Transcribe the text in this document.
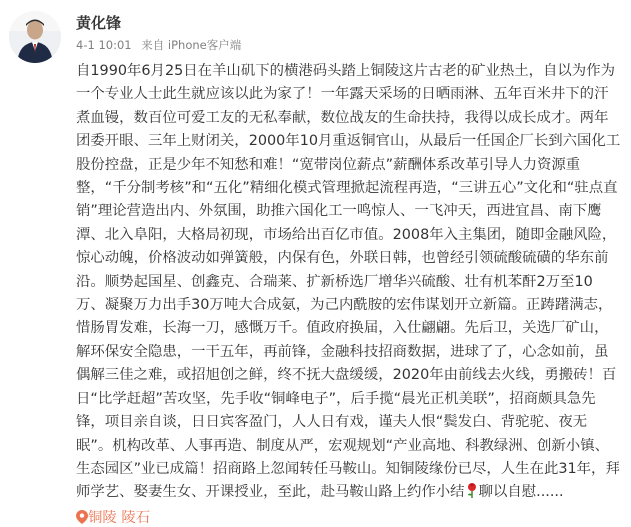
黄化锋
4-1 10:01 来自 iPhone客户端
自1990年6月25日在羊山矶下的横港码头踏上铜陵这片古老的矿业热土，自以为作为一个专业人士此生就应该以此为家了！一年露天采场的日晒雨淋、五年百米井下的汗煮血镘，数百位可爱工友的无私奉献，数位战友的生命扶持，我得以成长成才。两年团委开眼、三年上财闭关，2000年10月重返铜官山，从最后一任国企厂长到六国化工股份控盘，正是少年不知愁和难！“宽带岗位薪点”薪酬体系改革引导人力资源重整，“千分制考核”和“五化”精细化模式管理掀起流程再造，“三讲五心”文化和“驻点直销”理论营造出内、外氛围，助推六国化工一鸣惊人、一飞冲天，西进宜昌、南下鹰潭、北入阜阳，大格局初现，市场给出百亿市值。2008年入主集团，随即金融风险，惊心动魄，价格波动如弹簧般，内保有色，外联日韩，也曾经引领硫酸硫磺的华东前沿。顺势起国星、创鑫克、合瑞莱、扩新桥选厂增华兴硫酸、壮有机苯酐2万至10万、凝聚万力出手30万吨大合成氨，为己内酰胺的宏伟谋划开立新篇。正踌躇满志，惜肠胃发难，长海一刀，感慨万千。值政府换届，入仕翩翩。先后卫，关选厂矿山，解环保安全隐患，一干五年，再前锋，金融科技招商数据，进球了了，心念如前，虽偶解三佳之难，或招旭创之鲜，终不抚大盘缓缓，2020年由前线去火线，勇搬砖！百日“比学赶超”苦攻坚，先手收“铜峰电子”，后手揽“晨光正机美联”，招商颇具急先锋，项目亲自谈，日日宾客盈门，人人日有戏，谨夫人恨“鬓发白、背驼驼、夜无眠”。机构改革、人事再造、制度从严，宏观规划“产业高地、科教绿洲、创新小镇、生态园区”业已成篇！招商路上忽闻转任马鞍山。知铜陵缘份已尽，人生在此31年，拜师学艺、娶妻生女、开课授业，至此，赴马鞍山路上约作小结 聊以自慰......铜陵 陵石
